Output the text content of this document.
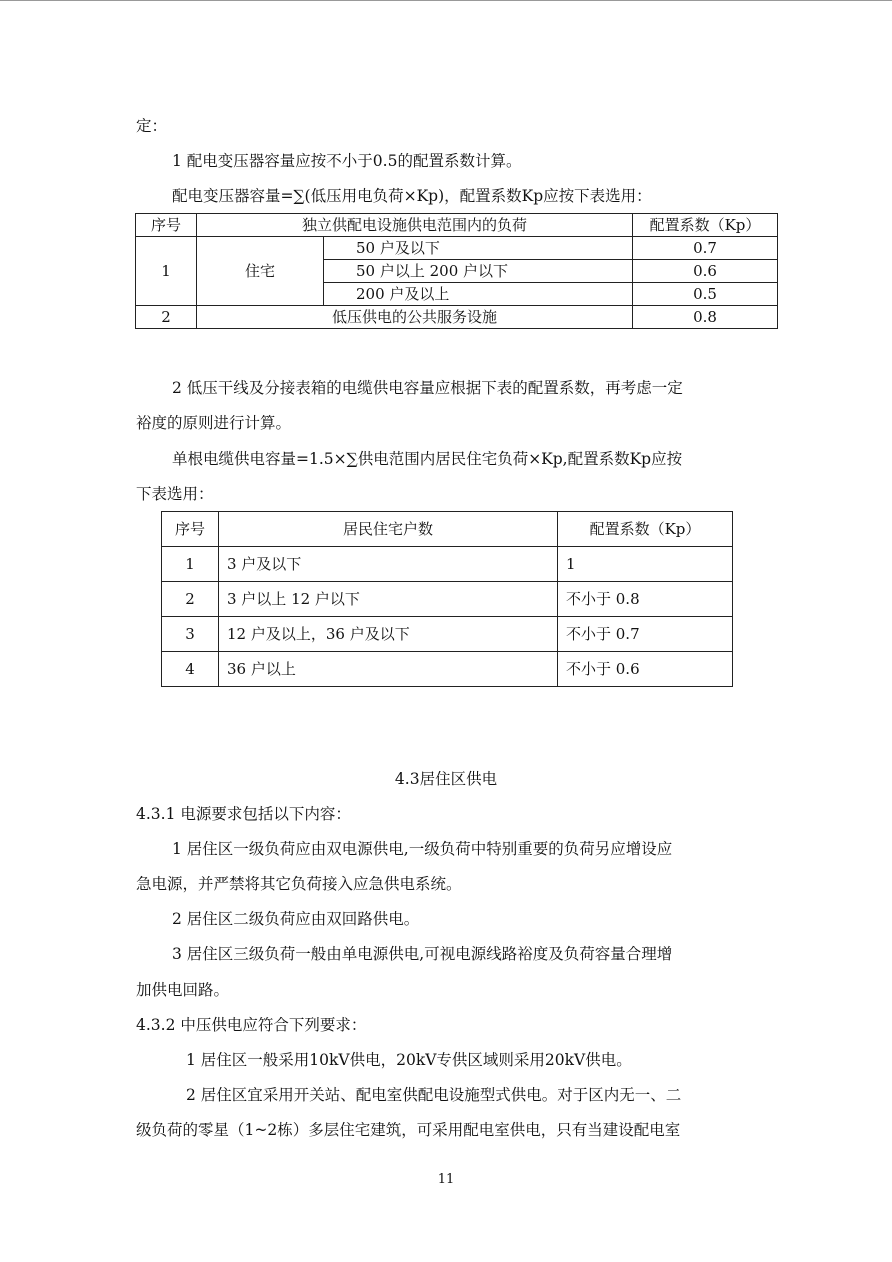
定：
1 配电变压器容量应按不小于0.5的配置系数计算。
配电变压器容量=∑(低压用电负荷×Kp)，配置系数Kp应按下表选用：
序号	独立供配电设施供电范围内的负荷		配置系数（Kp）
1	住宅	50 户及以下	0.7
		50 户以上 200 户以下	0.6
		200 户及以上	0.5
2	低压供电的公共服务设施		0.8
2 低压干线及分接表箱的电缆供电容量应根据下表的配置系数，再考虑一定
裕度的原则进行计算。
单根电缆供电容量=1.5×∑供电范围内居民住宅负荷×Kp,配置系数Kp应按
下表选用：
序号	居民住宅户数	配置系数（Kp）
1	3 户及以下	1
2	3 户以上 12 户以下	不小于 0.8
3	12 户及以上，36 户及以下	不小于 0.7
4	36 户以上	不小于 0.6
4.3居住区供电
4.3.1 电源要求包括以下内容：
1 居住区一级负荷应由双电源供电,一级负荷中特别重要的负荷另应增设应
急电源，并严禁将其它负荷接入应急供电系统。
2 居住区二级负荷应由双回路供电。
3 居住区三级负荷一般由单电源供电,可视电源线路裕度及负荷容量合理增
加供电回路。
4.3.2 中压供电应符合下列要求：
1 居住区一般采用10kV供电，20kV专供区域则采用20kV供电。
2 居住区宜采用开关站、配电室供配电设施型式供电。对于区内无一、二
级负荷的零星（1~2栋）多层住宅建筑，可采用配电室供电，只有当建设配电室
11
